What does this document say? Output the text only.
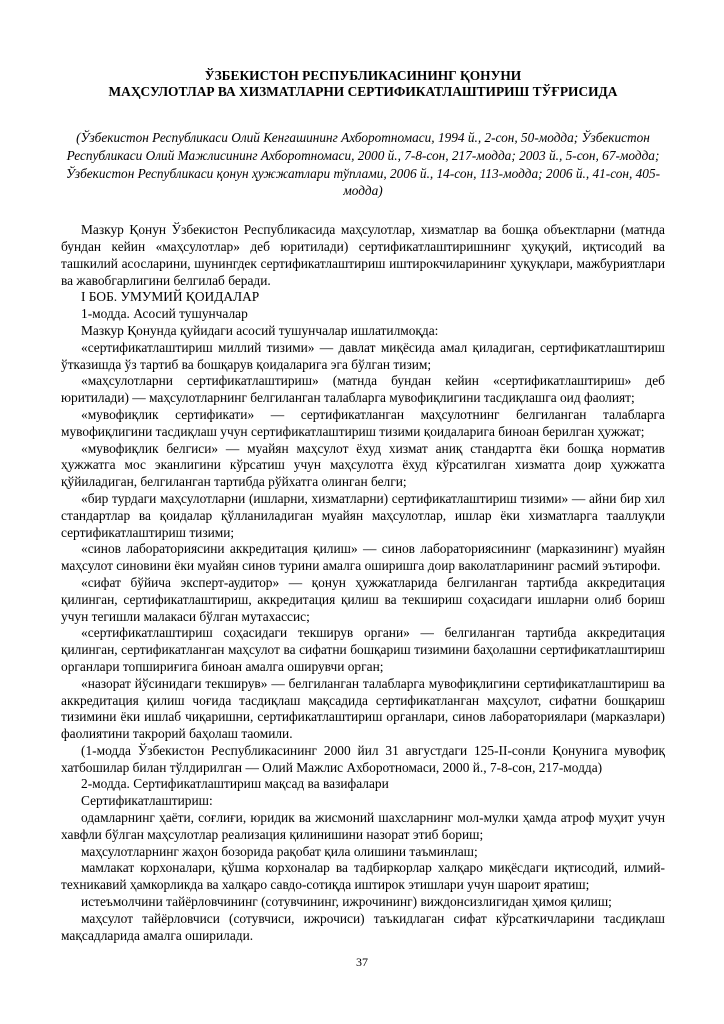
ЎЗБЕКИСТОН РЕСПУБЛИКАСИНИНГ ҚОНУНИ

МАҲСУЛОТЛАР ВА ХИЗМАТЛАРНИ СЕРТИФИКАТЛАШТИРИШ ТЎҒРИСИДА

(Ўзбекистон Республикаси Олий Кенгашининг Ахборотномаси, 1994 й., 2-сон, 50-модда; Ўзбекистон Республикаси Олий Мажлисининг Ахборотномаси, 2000 й., 7-8-сон, 217-модда; 2003 й., 5-сон, 67-модда; Ўзбекистон Республикаси қонун ҳужжатлари тўплами, 2006 й., 14-сон, 113-модда; 2006 й., 41-сон, 405-модда)

Мазкур Қонун Ўзбекистон Республикасида маҳсулотлар, хизматлар ва бошқа объектларни (матнда бундан кейин «маҳсулотлар» деб юритилади) сертификатлаштиришнинг ҳуқуқий, иқтисодий ва ташкилий асосларини, шунингдек сертификатлаштириш иштирокчиларининг ҳуқуқлари, мажбуриятлари ва жавобгарлигини белгилаб беради.

I БОБ. УМУМИЙ ҚОИДАЛАР

1-модда. Асосий тушунчалар

Мазкур Қонунда қуйидаги асосий тушунчалар ишлатилмоқда:

«сертификатлаштириш миллий тизими» — давлат миқёсида амал қиладиган, сертификатлаштириш ўтказишда ўз тартиб ва бошқарув қоидаларига эга бўлган тизим;

«маҳсулотларни сертификатлаштириш» (матнда бундан кейин «сертификатлаштириш» деб юритилади) — маҳсулотларнинг белгиланган талабларга мувофиқлигини тасдиқлашга оид фаолият;

«мувофиқлик сертификати» — сертификатланган маҳсулотнинг белгиланган талабларга мувофиқлигини тасдиқлаш учун сертификатлаштириш тизими қоидаларига биноан берилган ҳужжат;

«мувофиқлик белгиси» — муайян маҳсулот ёхуд хизмат аниқ стандартга ёки бошқа норматив ҳужжатга мос эканлигини кўрсатиш учун маҳсулотга ёхуд кўрсатилган хизматга доир ҳужжатга қўйиладиган, белгиланган тартибда рўйхатга олинган белги;

«бир турдаги маҳсулотларни (ишларни, хизматларни) сертификатлаштириш тизими» — айни бир хил стандартлар ва қоидалар қўлланиладиган муайян маҳсулотлар, ишлар ёки хизматларга тааллуқли сертификатлаштириш тизими;

«синов лабораториясини аккредитация қилиш» — синов лабораториясининг (марказининг) муайян маҳсулот синовини ёки муайян синов турини амалга оширишга доир ваколатларининг расмий эътирофи.

«сифат бўйича эксперт-аудитор» — қонун ҳужжатларида белгиланган тартибда аккредитация қилинган, сертификатлаштириш, аккредитация қилиш ва текшириш соҳасидаги ишларни олиб бориш учун тегишли малакаси бўлган мутахассис;

«сертификатлаштириш соҳасидаги текширув органи» — белгиланган тартибда аккредитация қилинган, сертификатланган маҳсулот ва сифатни бошқариш тизимини баҳолашни сертификатлаштириш органлари топшириғига биноан амалга оширувчи орган;

«назорат йўсинидаги текширув» — белгиланган талабларга мувофиқлигини сертификатлаштириш ва аккредитация қилиш чоғида тасдиқлаш мақсадида сертификатланган маҳсулот, сифатни бошқариш тизимини ёки ишлаб чиқаришни, сертификатлаштириш органлари, синов лабораториялари (марказлари) фаолиятини такрорий баҳолаш таомили.

(1-модда Ўзбекистон Республикасининг 2000 йил 31 августдаги 125-II-сонли Қонунига мувофиқ хатбошилар билан тўлдирилган — Олий Мажлис Ахборотномаси, 2000 й., 7-8-сон, 217-модда)

2-модда. Сертификатлаштириш мақсад ва вазифалари

Сертификатлаштириш:

одамларнинг ҳаёти, соғлиғи, юридик ва жисмоний шахсларнинг мол-мулки ҳамда атроф муҳит учун хавфли бўлган маҳсулотлар реализация қилинишини назорат этиб бориш;

маҳсулотларнинг жаҳон бозорида рақобат қила олишини таъминлаш;

мамлакат корхоналари, қўшма корхоналар ва тадбиркорлар халқаро миқёсдаги иқтисодий, илмий-техникавий ҳамкорликда ва халқаро савдо-сотиқда иштирок этишлари учун шароит яратиш;

истеъмолчини тайёрловчининг (сотувчининг, ижрочининг) виждонсизлигидан ҳимоя қилиш;

маҳсулот тайёрловчиси (сотувчиси, ижрочиси) таъкидлаган сифат кўрсаткичларини тасдиқлаш мақсадларида амалга оширилади.

37
